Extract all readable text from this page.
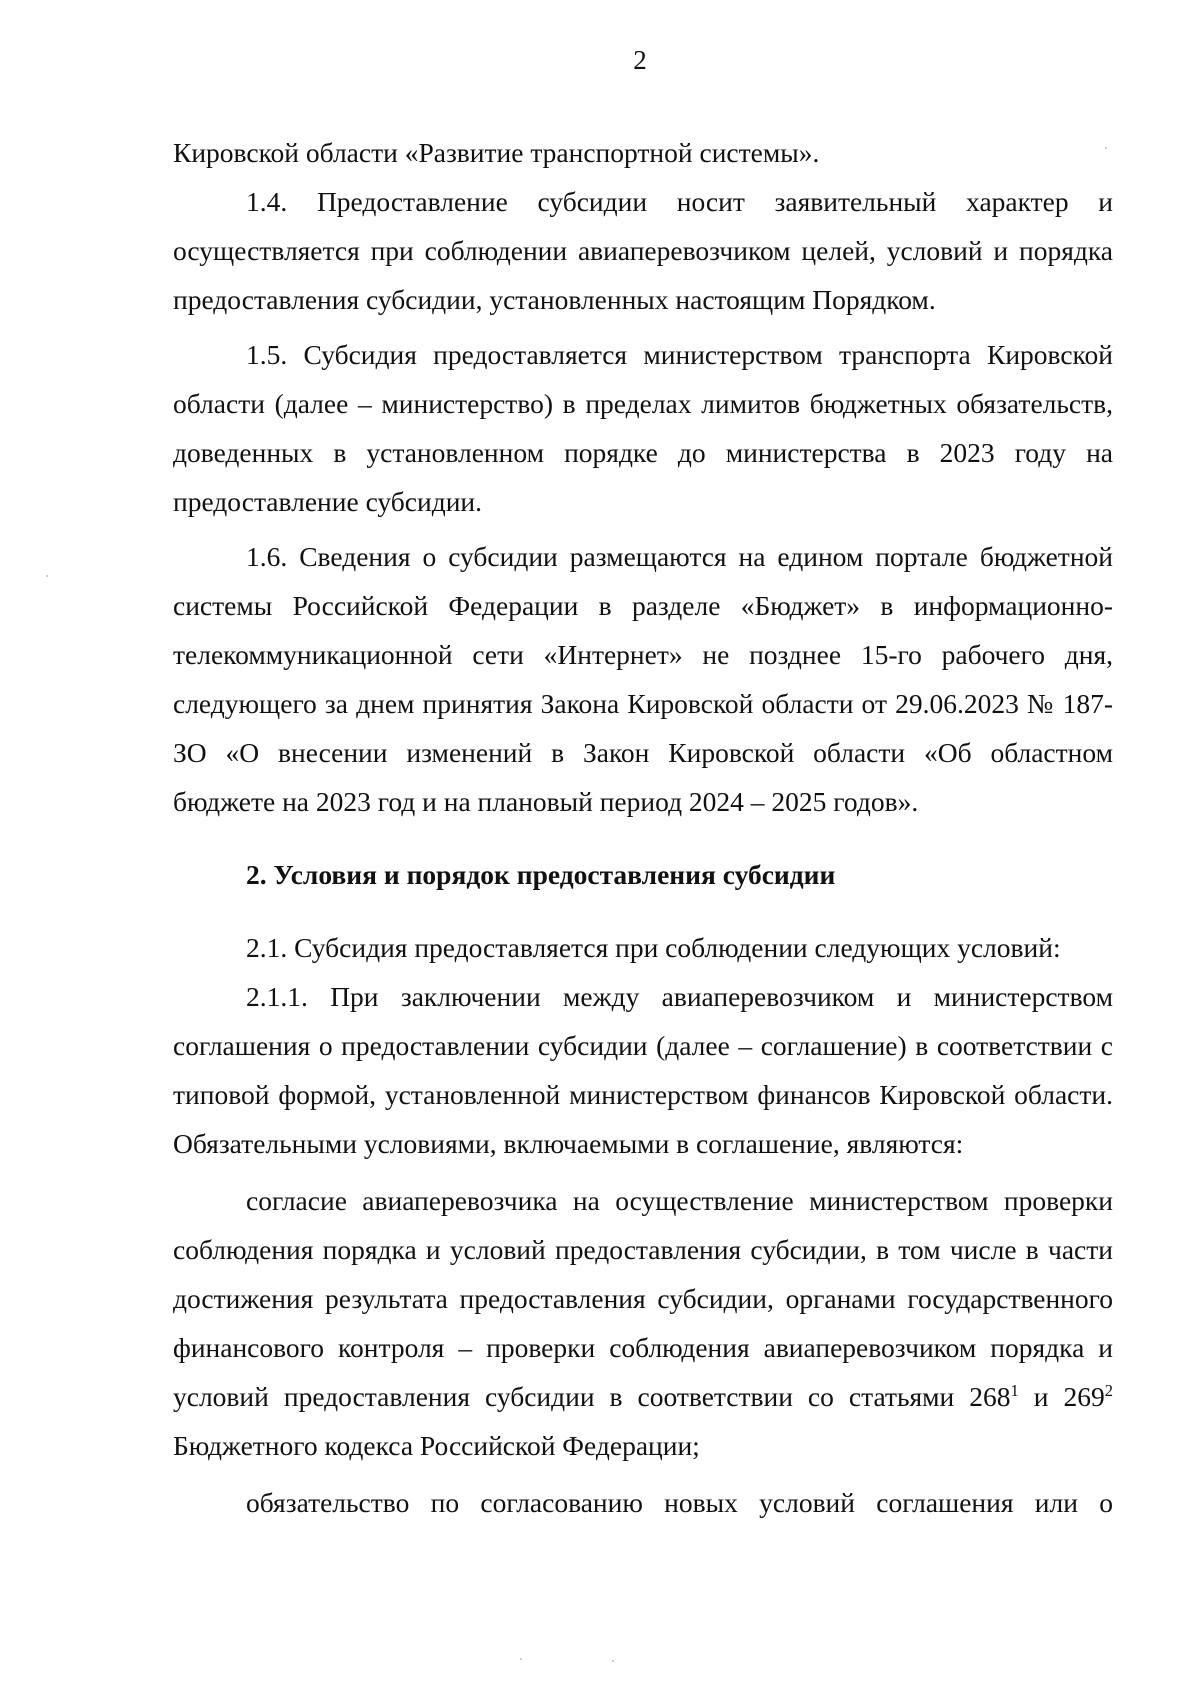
2

Кировской области «Развитие транспортной системы».

1.4. Предоставление субсидии носит заявительный характер и осуществляется при соблюдении авиаперевозчиком целей, условий и порядка предоставления субсидии, установленных настоящим Порядком.

1.5. Субсидия предоставляется министерством транспорта Кировской области (далее – министерство) в пределах лимитов бюджетных обязательств, доведенных в установленном порядке до министерства в 2023 году на предоставление субсидии.

1.6. Сведения о субсидии размещаются на едином портале бюджетной системы Российской Федерации в разделе «Бюджет» в информационно-телекоммуникационной сети «Интернет» не позднее 15-го рабочего дня, следующего за днем принятия Закона Кировской области от 29.06.2023 № 187-ЗО «О внесении изменений в Закон Кировской области «Об областном бюджете на 2023 год и на плановый период 2024 – 2025 годов».

2. Условия и порядок предоставления субсидии

2.1. Субсидия предоставляется при соблюдении следующих условий:

2.1.1. При заключении между авиаперевозчиком и министерством соглашения о предоставлении субсидии (далее – соглашение) в соответствии с типовой формой, установленной министерством финансов Кировской области. Обязательными условиями, включаемыми в соглашение, являются:

согласие авиаперевозчика на осуществление министерством проверки соблюдения порядка и условий предоставления субсидии, в том числе в части достижения результата предоставления субсидии, органами государственного финансового контроля – проверки соблюдения авиаперевозчиком порядка и условий предоставления субсидии в соответствии со статьями $268^1$ и $269^2$ Бюджетного кодекса Российской Федерации;

обязательство по согласованию новых условий соглашения или о
